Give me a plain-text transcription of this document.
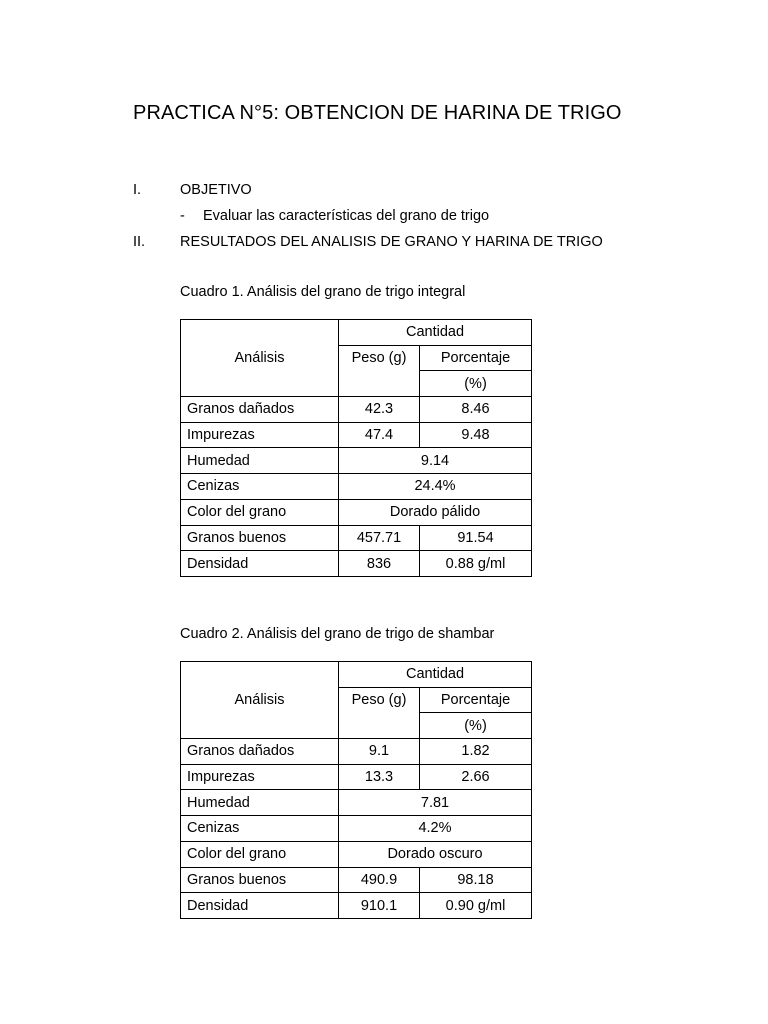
PRACTICA N°5: OBTENCION DE HARINA DE TRIGO
I.	OBJETIVO
- Evaluar las características del grano de trigo
II. RESULTADOS DEL ANALISIS DE GRANO Y HARINA DE TRIGO
Cuadro 1. Análisis del grano de trigo integral
Análisis	Cantidad	
	Peso (g)	Porcentaje
		(%)
Granos dañados	42.3	8.46
Impurezas	47.4	9.48
Humedad	9.14	
Cenizas	24.4%	
Color del grano	Dorado pálido	
Granos buenos	457.71	91.54
Densidad	836	0.88 g/ml
Cuadro 2. Análisis del grano de trigo de shambar
Análisis	Cantidad	
	Peso (g)	Porcentaje
		(%)
Granos dañados	9.1	1.82
Impurezas	13.3	2.66
Humedad	7.81	
Cenizas	4.2%	
Color del grano	Dorado oscuro	
Granos buenos	490.9	98.18
Densidad	910.1	0.90 g/ml
